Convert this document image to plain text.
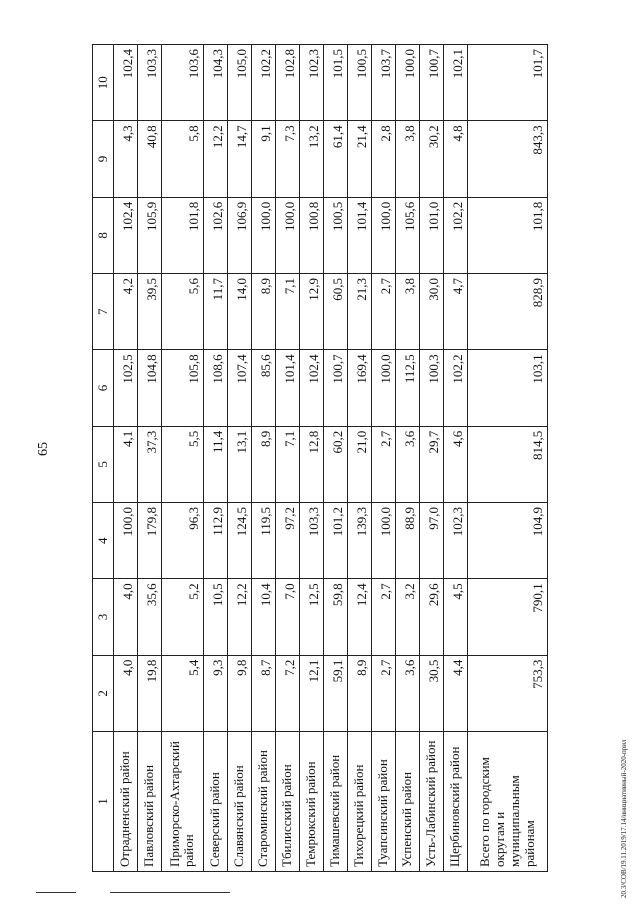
65
20.3/СОВ/19.11.2019/17.14/инициативный-2020-прил
1	2	3	4	5	6	7	8	9	10
Отрадненский район	4,0	4,0	100,0	4,1	102,5	4,2	102,4	4,3	102,4
Павловский район	19,8	35,6	179,8	37,3	104,8	39,5	105,9	40,8	103,3
Приморско-Ахтарский район	5,4	5,2	96,3	5,5	105,8	5,6	101,8	5,8	103,6
Северский район	9,3	10,5	112,9	11,4	108,6	11,7	102,6	12,2	104,3
Славянский район	9,8	12,2	124,5	13,1	107,4	14,0	106,9	14,7	105,0
Староминский район	8,7	10,4	119,5	8,9	85,6	8,9	100,0	9,1	102,2
Тбилисский район	7,2	7,0	97,2	7,1	101,4	7,1	100,0	7,3	102,8
Темрюкский район	12,1	12,5	103,3	12,8	102,4	12,9	100,8	13,2	102,3
Тимашевский район	59,1	59,8	101,2	60,2	100,7	60,5	100,5	61,4	101,5
Тихорецкий район	8,9	12,4	139,3	21,0	169,4	21,3	101,4	21,4	100,5
Туапсинский район	2,7	2,7	100,0	2,7	100,0	2,7	100,0	2,8	103,7
Успенский район	3,6	3,2	88,9	3,6	112,5	3,8	105,6	3,8	100,0
Усть-Лабинский район	30,5	29,6	97,0	29,7	100,3	30,0	101,0	30,2	100,7
Щербиновский район	4,4	4,5	102,3	4,6	102,2	4,7	102,2	4,8	102,1
Всего по городским округам и муниципальным районам	753,3	790,1	104,9	814,5	103,1	828,9	101,8	843,3	101,7
